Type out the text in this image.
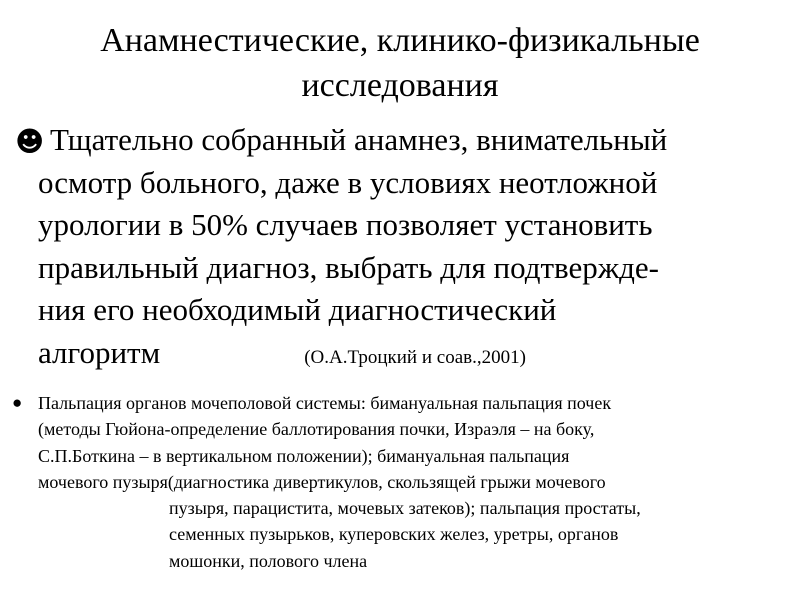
Анамнестические, клинико-физикальные
исследования
☻ Тщательно собранный анамнез, внимательный
осмотр больного, даже в условиях неотложной
урологии в 50% случаев позволяет установить
правильный диагноз, выбрать для подтвержде-
ния его необходимый диагностический
алгоритм	(О.А.Троцкий и соав.,2001)
● Пальпация органов мочеполовой системы: бимануальная пальпация почек
(методы Гюйона-определение баллотирования почки, Израэля – на боку,
С.П.Боткина – в вертикальном положении); бимануальная пальпация
мочевого пузыря(диагностика дивертикулов, скользящей грыжи мочевого
пузыря, парацистита, мочевых затеков); пальпация простаты,
семенных пузырьков, куперовских желез, уретры, органов
мошонки, полового члена
